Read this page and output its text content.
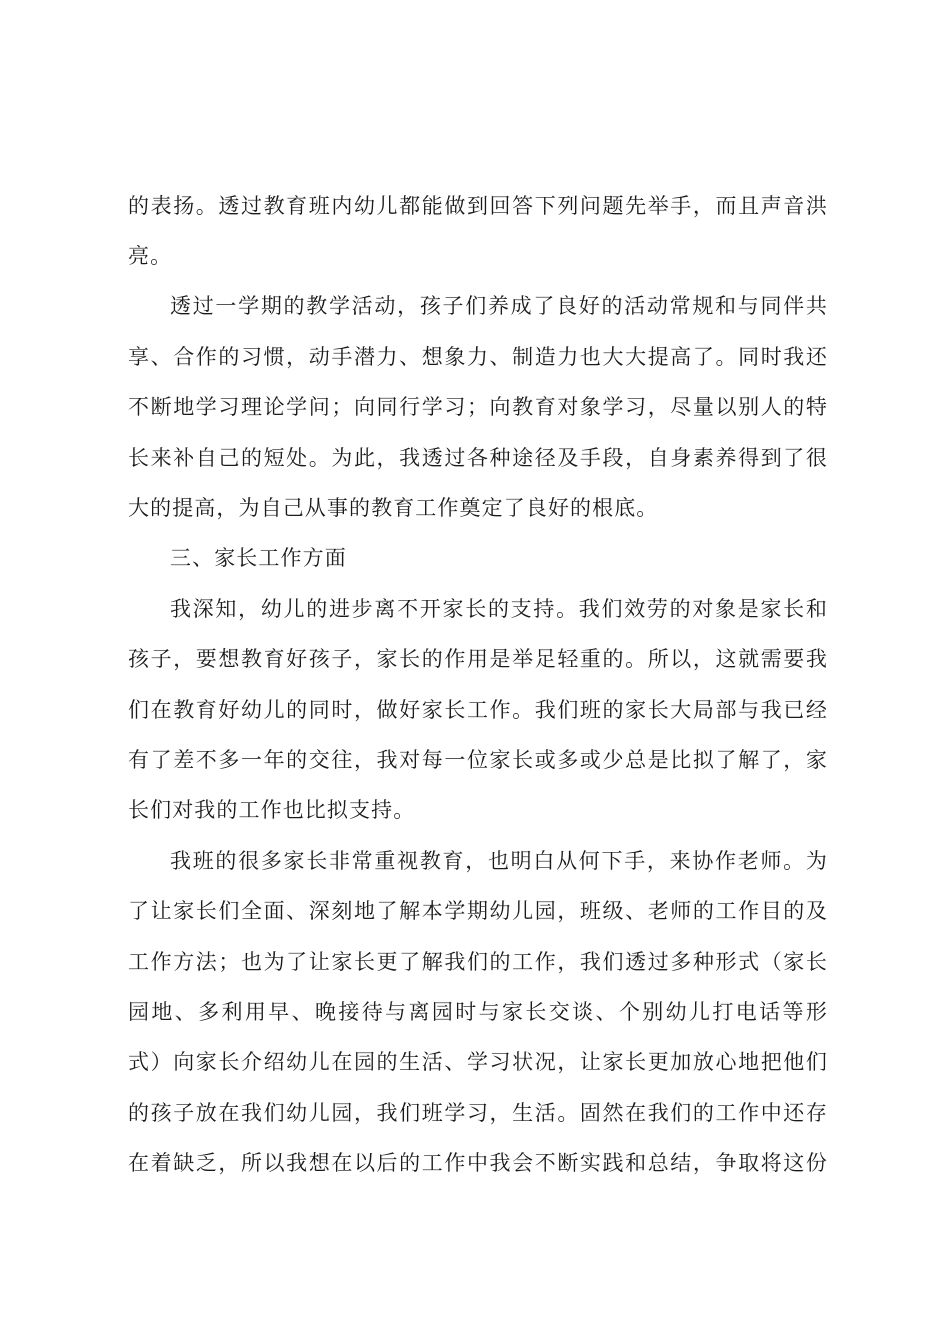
的表扬。透过教育班内幼儿都能做到回答下列问题先举手，而且声音洪
亮。
透过一学期的教学活动，孩子们养成了良好的活动常规和与同伴共
享、合作的习惯，动手潜力、想象力、制造力也大大提高了。同时我还
不断地学习理论学问；向同行学习；向教育对象学习，尽量以别人的特
长来补自己的短处。为此，我透过各种途径及手段，自身素养得到了很
大的提高，为自己从事的教育工作奠定了良好的根底。
三、家长工作方面
我深知，幼儿的进步离不开家长的支持。我们效劳的对象是家长和
孩子，要想教育好孩子，家长的作用是举足轻重的。所以，这就需要我
们在教育好幼儿的同时，做好家长工作。我们班的家长大局部与我已经
有了差不多一年的交往，我对每一位家长或多或少总是比拟了解了，家
长们对我的工作也比拟支持。
我班的很多家长非常重视教育，也明白从何下手，来协作老师。为
了让家长们全面、深刻地了解本学期幼儿园，班级、老师的工作目的及
工作方法；也为了让家长更了解我们的工作，我们透过多种形式（家长
园地、多利用早、晚接待与离园时与家长交谈、个别幼儿打电话等形
式）向家长介绍幼儿在园的生活、学习状况，让家长更加放心地把他们
的孩子放在我们幼儿园，我们班学习，生活。固然在我们的工作中还存
在着缺乏，所以我想在以后的工作中我会不断实践和总结，争取将这份
